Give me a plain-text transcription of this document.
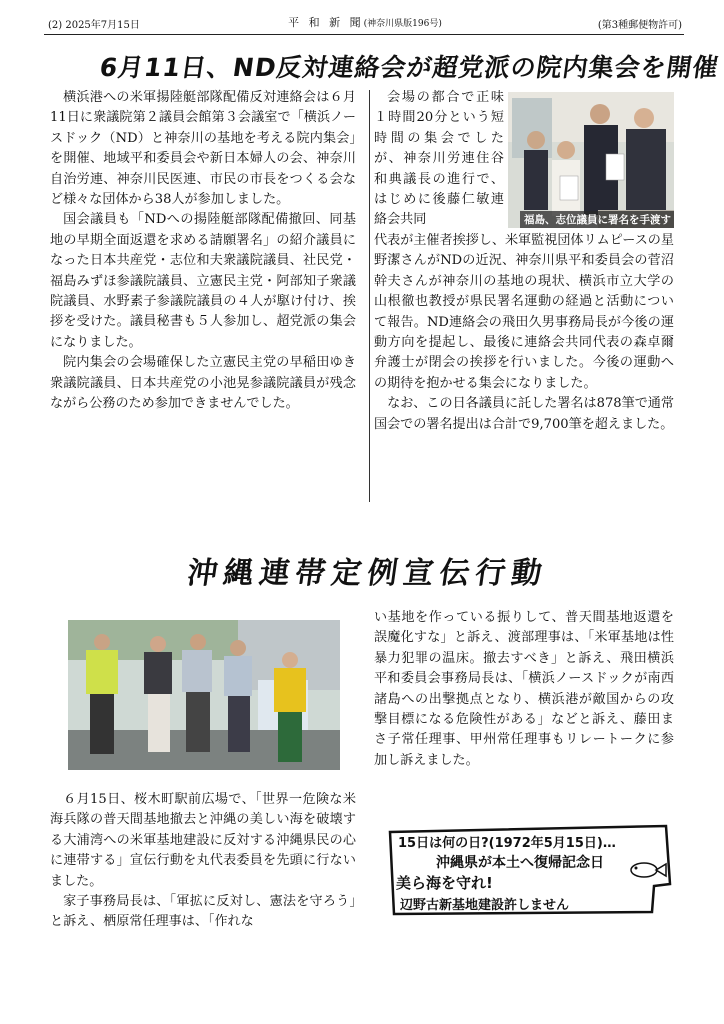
(2) 2025年7月15日	平 和 新 聞(神奈川県版196号)	(第3種郵便物許可)
6月11日、ND反対連絡会が超党派の院内集会を開催

横浜港への米軍揚陸艇部隊配備反対連絡会は６月11日に衆議院第２議員会館第３会議室で「横浜ノースドック（ND）と神奈川の基地を考える院内集会」を開催、地域平和委員会や新日本婦人の会、神奈川自治労連、神奈川民医連、市民の市長をつくる会など様々な団体から38人が参加しました。

国会議員も「NDへの揚陸艇部隊配備撤回、同基地の早期全面返還を求める請願署名」の紹介議員になった日本共産党・志位和夫衆議院議員、社民党・福島みずほ参議院議員、立憲民主党・阿部知子衆議院議員、水野素子参議院議員の４人が駆け付け、挨拶を受けた。議員秘書も５人参加し、超党派の集会になりました。

院内集会の会場確保した立憲民主党の早稲田ゆき衆議院議員、日本共産党の小池晃参議院議員が残念ながら公務のため参加できませんでした。

会場の都合で正味１時間20分という短時間の集会でしたが、神奈川労連住谷和典議長の進行で、はじめに後藤仁敏連絡会共同	福島、志位議員に署名を手渡す

代表が主催者挨拶し、米軍監視団体リムピースの星野潔さんがNDの近況、神奈川県平和委員会の菅沼幹夫さんが神奈川の基地の現状、横浜市立大学の山根徹也教授が県民署名運動の経過と活動について報告。ND連絡会の飛田久男事務局長が今後の運動方向を提起し、最後に連絡会共同代表の森卓爾弁護士が閉会の挨拶を行いました。今後の運動への期待を抱かせる集会になりました。

なお、この日各議員に託した署名は878筆で通常国会での署名提出は合計で9,700筆を超えました。

沖縄連帯定例宣伝行動

６月15日、桜木町駅前広場で、「世界一危険な米海兵隊の普天間基地撤去と沖縄の美しい海を破壊する大浦湾への米軍基地建設に反対する沖縄県民の心に連帯する」宣伝行動を丸代表委員を先頭に行ないました。

家子事務局長は、「軍拡に反対し、憲法を守ろう」と訴え、栖原常任理事は、「作れな

い基地を作っている振りして、普天間基地返還を誤魔化すな」と訴え、渡部理事は、「米軍基地は性暴力犯罪の温床。撤去すべき」と訴え、飛田横浜平和委員会事務局長は、「横浜ノースドックが南西諸島への出撃拠点となり、横浜港が敵国からの攻撃目標になる危険性がある」などと訴え、藤田まさ子常任理事、甲州常任理事もリレートークに参加し訴えました。

15日は何の日?(1972年5月15日)…
沖縄県が本土へ復帰記念日
美ら海を守れ!
辺野古新基地建設許しません
